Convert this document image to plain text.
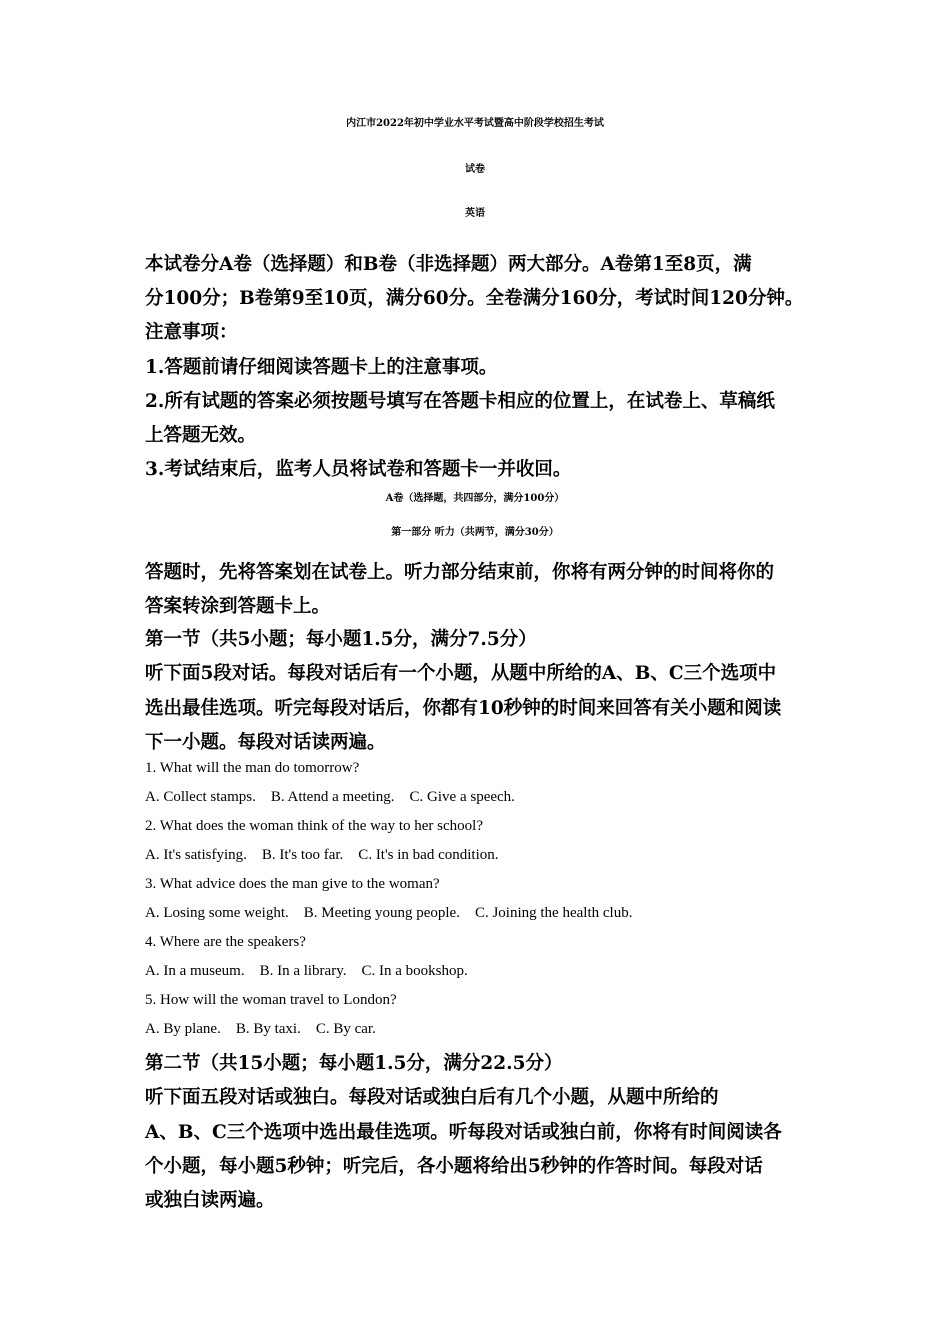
内江市2022年初中学业水平考试暨高中阶段学校招生考试
试卷
英语
本试卷分A卷（选择题）和B卷（非选择题）两大部分。A卷第1至8页，满
分100分；B卷第9至10页，满分60分。全卷满分160分，考试时间120分钟。
注意事项：
1.答题前请仔细阅读答题卡上的注意事项。
2.所有试题的答案必须按题号填写在答题卡相应的位置上，在试卷上、草稿纸
上答题无效。
3.考试结束后，监考人员将试卷和答题卡一并收回。
A卷（选择题，共四部分，满分100分）
第一部分 听力（共两节，满分30分）
答题时，先将答案划在试卷上。听力部分结束前，你将有两分钟的时间将你的
答案转涂到答题卡上。
第一节（共5小题；每小题1.5分，满分7.5分）
听下面5段对话。每段对话后有一个小题，从题中所给的A、B、C三个选项中
选出最佳选项。听完每段对话后，你都有10秒钟的时间来回答有关小题和阅读
下一小题。每段对话读两遍。
1. What will the man do tomorrow?
A. Collect stamps.    B. Attend a meeting.    C. Give a speech.
2. What does the woman think of the way to her school?
A. It's satisfying.    B. It's too far.    C. It's in bad condition.
3. What advice does the man give to the woman?
A. Losing some weight.    B. Meeting young people.    C. Joining the health club.
4. Where are the speakers?
A. In a museum.    B. In a library.    C. In a bookshop.
5. How will the woman travel to London?
A. By plane.    B. By taxi.    C. By car.
第二节（共15小题；每小题1.5分，满分22.5分）
听下面五段对话或独白。每段对话或独白后有几个小题，从题中所给的
A、B、C三个选项中选出最佳选项。听每段对话或独白前，你将有时间阅读各
个小题，每小题5秒钟；听完后，各小题将给出5秒钟的作答时间。每段对话
或独白读两遍。
